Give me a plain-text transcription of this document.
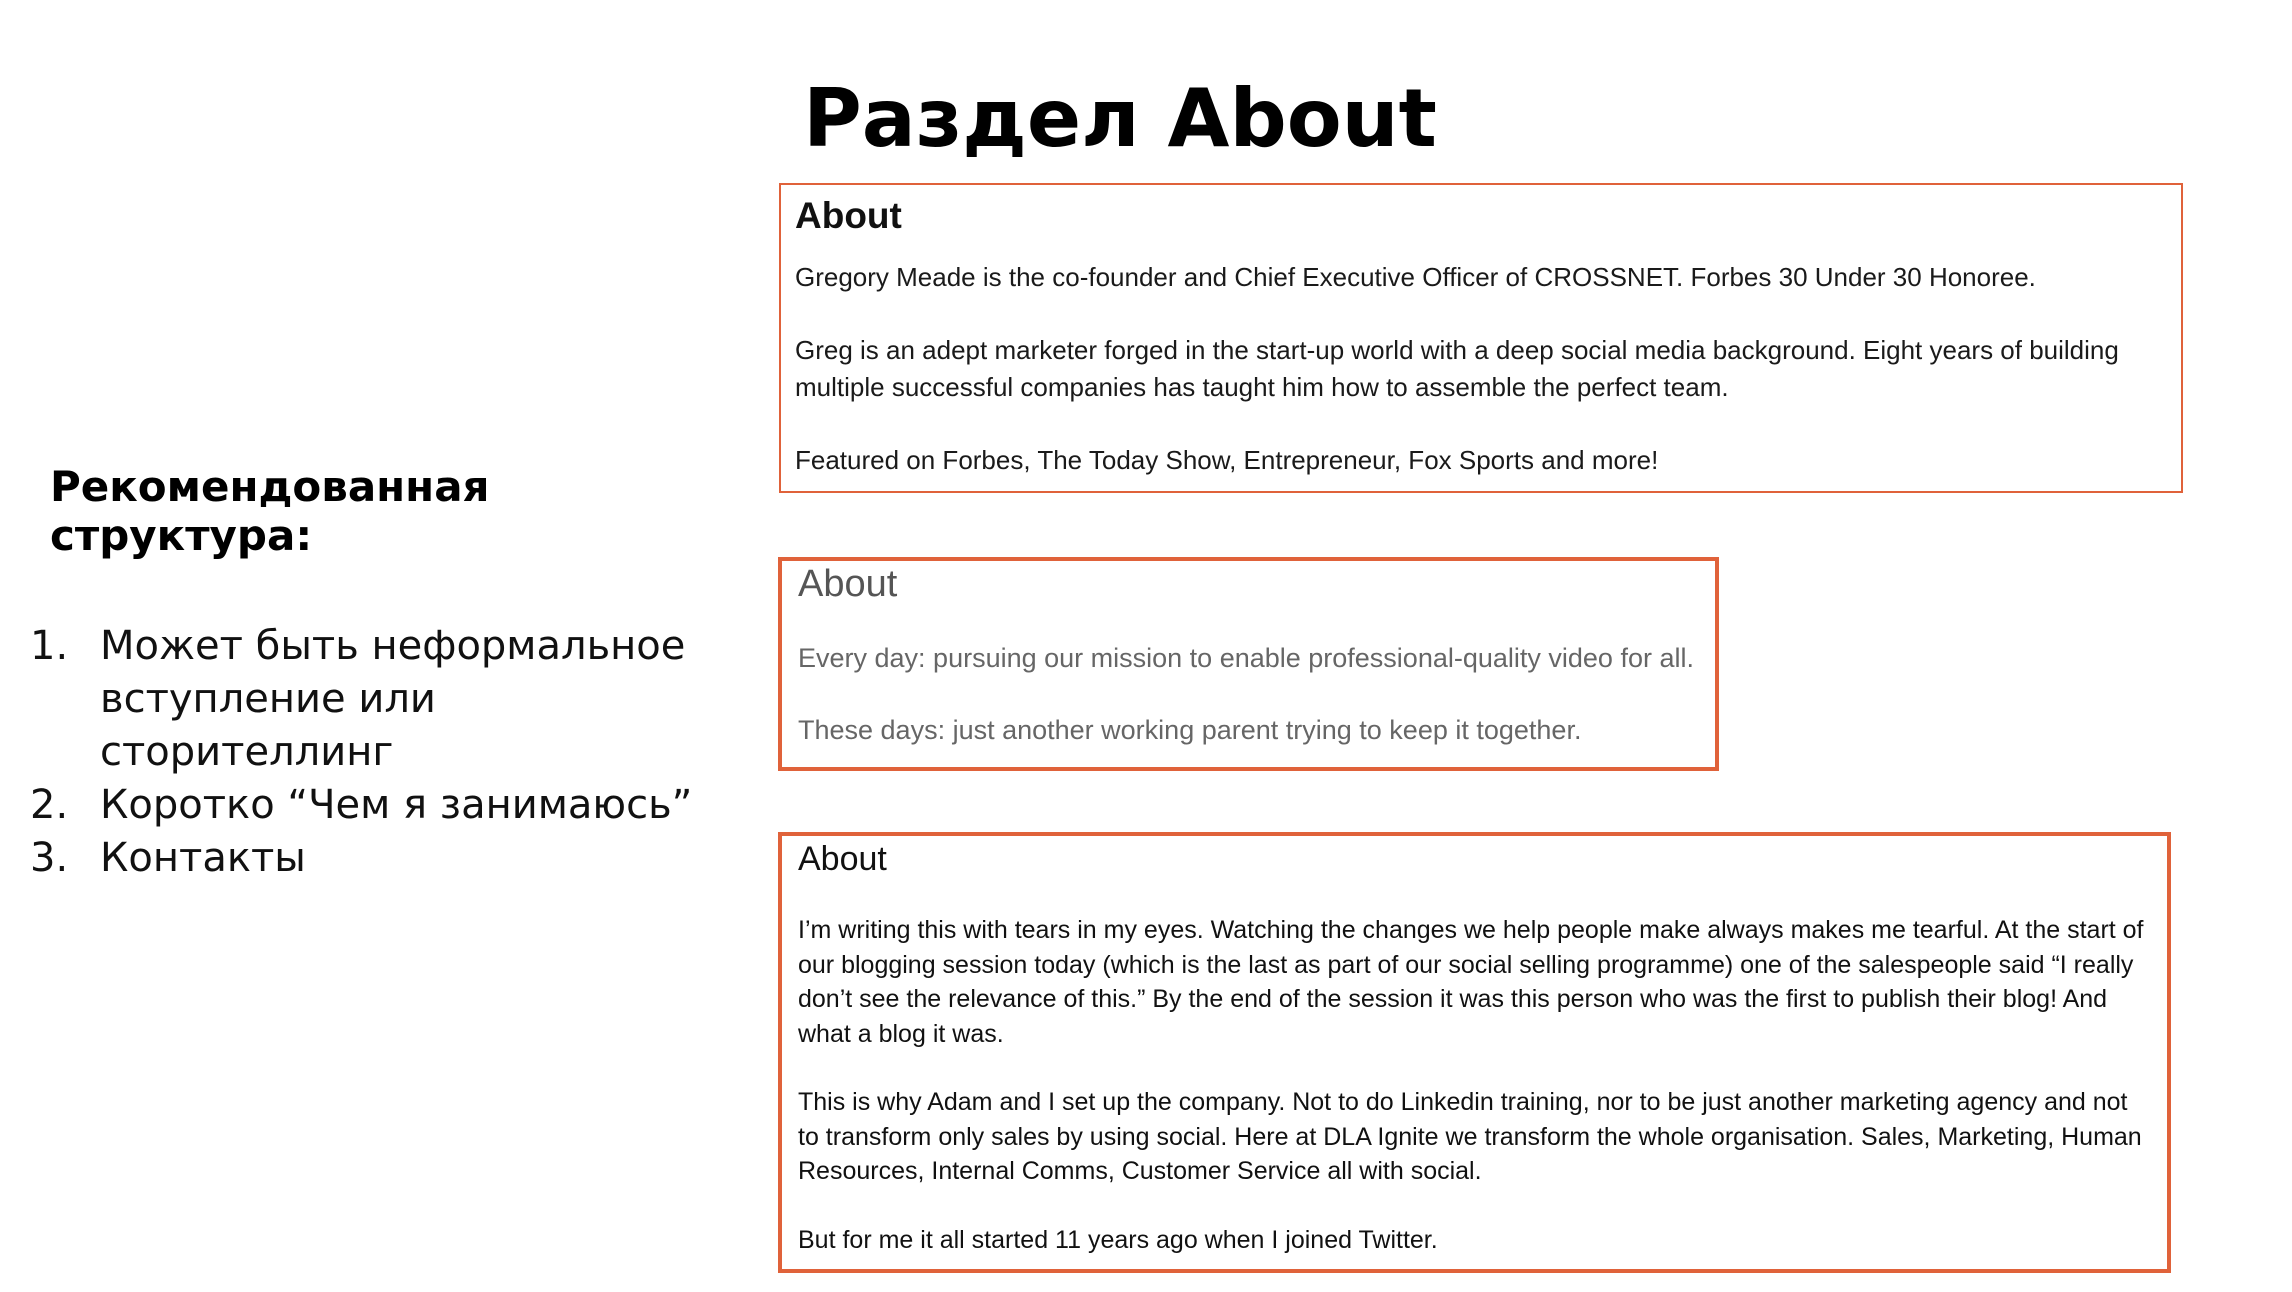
Раздел About
Рекомендованная структура:
1. Может быть неформальное вступление или сторителлинг
2. Коротко “Чем я занимаюсь”
3. Контакты
About

Gregory Meade is the co-founder and Chief Executive Officer of CROSSNET. Forbes 30 Under 30 Honoree.

Greg is an adept marketer forged in the start-up world with a deep social media background. Eight years of building multiple successful companies has taught him how to assemble the perfect team.

Featured on Forbes, The Today Show, Entrepreneur, Fox Sports and more!

About

Every day: pursuing our mission to enable professional-quality video for all.

These days: just another working parent trying to keep it together.

About

I’m writing this with tears in my eyes. Watching the changes we help people make always makes me tearful. At the start of our blogging session today (which is the last as part of our social selling programme) one of the salespeople said “I really don’t see the relevance of this.” By the end of the session it was this person who was the first to publish their blog! And what a blog it was.

This is why Adam and I set up the company. Not to do Linkedin training, nor to be just another marketing agency and not to transform only sales by using social. Here at DLA Ignite we transform the whole organisation. Sales, Marketing, Human Resources, Internal Comms, Customer Service all with social.

But for me it all started 11 years ago when I joined Twitter.
